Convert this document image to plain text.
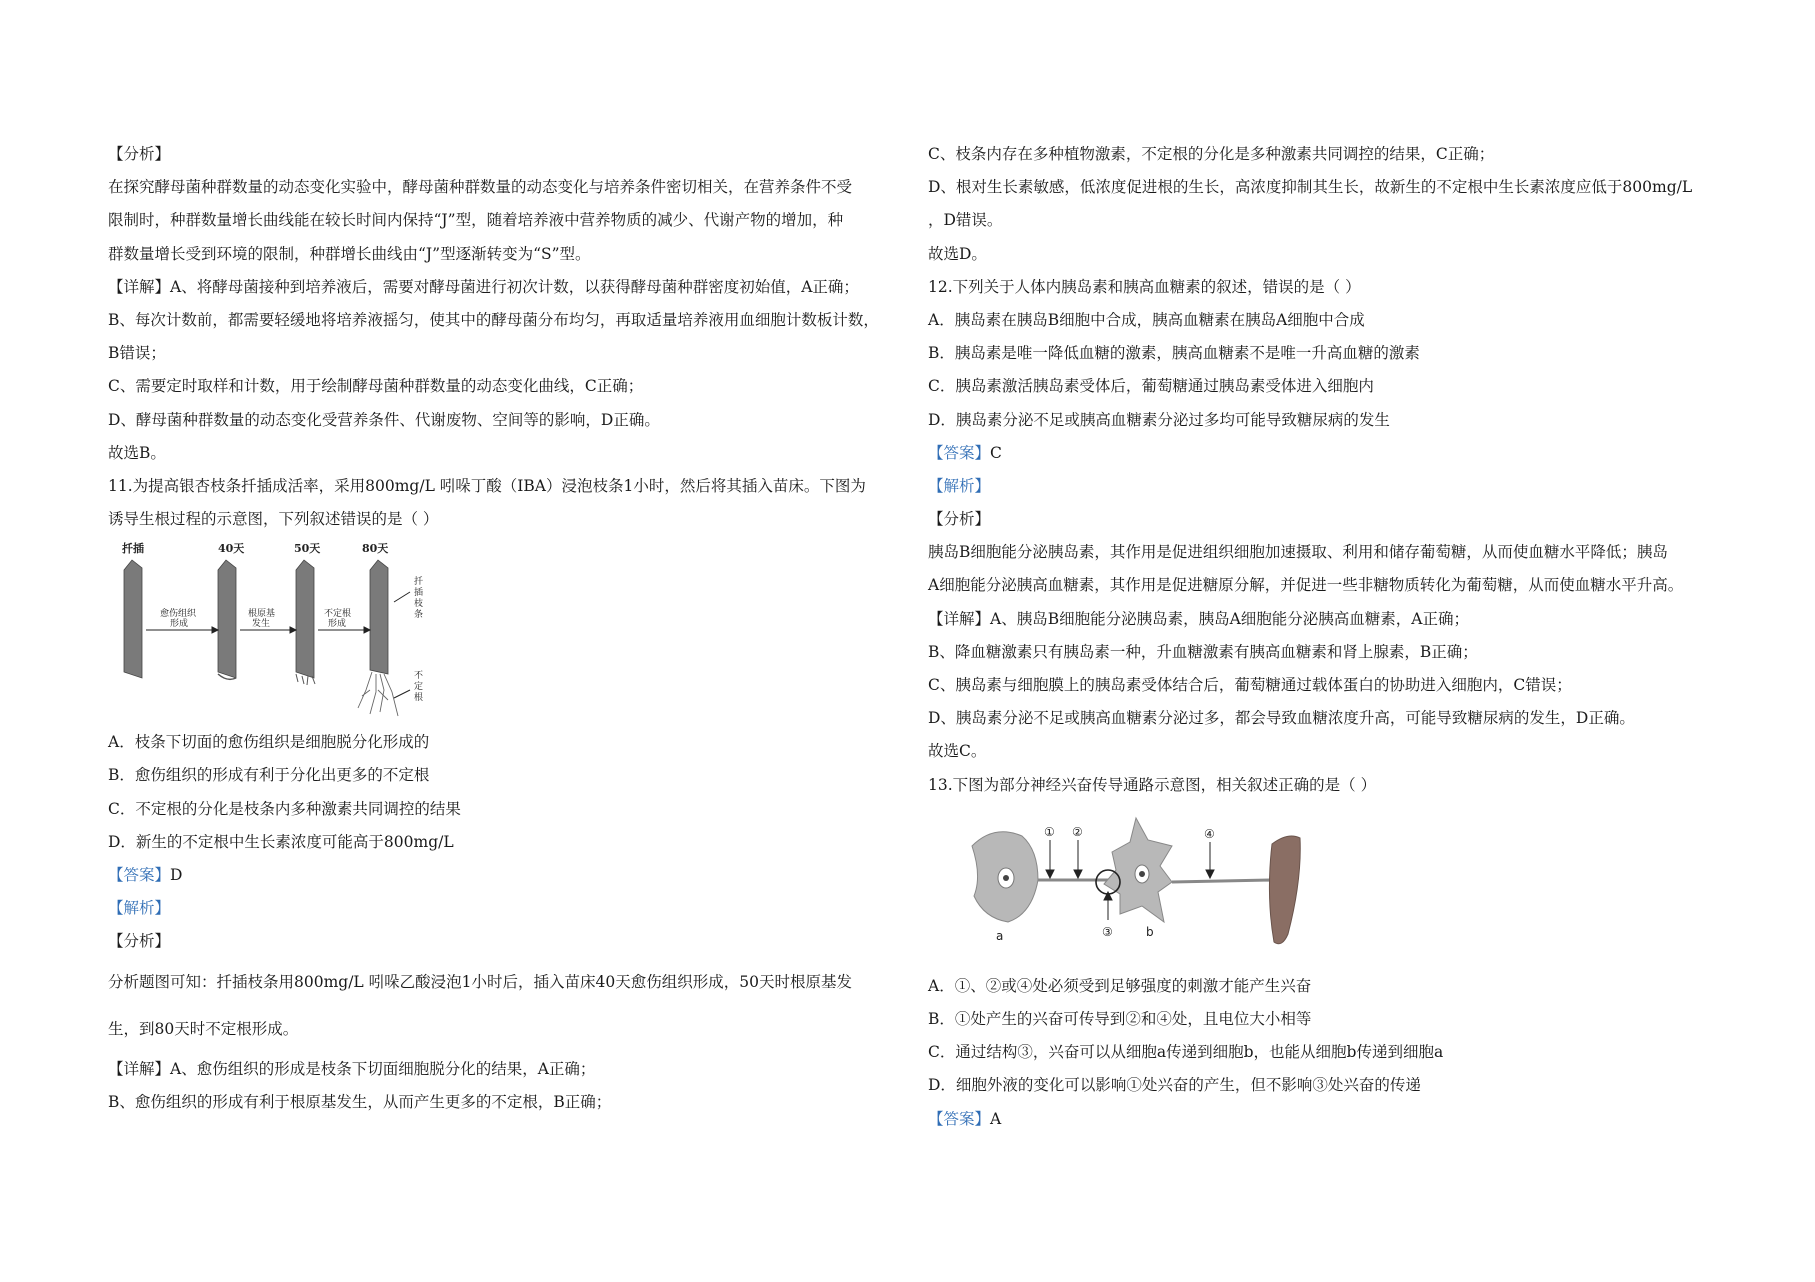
【分析】
在探究酵母菌种群数量的动态变化实验中，酵母菌种群数量的动态变化与培养条件密切相关，在营养条件不受
限制时，种群数量增长曲线能在较长时间内保持“J”型，随着培养液中营养物质的减少、代谢产物的增加，种
群数量增长受到环境的限制，种群增长曲线由“J”型逐渐转变为“S”型。
【详解】A、将酵母菌接种到培养液后，需要对酵母菌进行初次计数，以获得酵母菌种群密度初始值，A正确；
B、每次计数前，都需要轻缓地将培养液摇匀，使其中的酵母菌分布均匀，再取适量培养液用血细胞计数板计数，
B错误；
C、需要定时取样和计数，用于绘制酵母菌种群数量的动态变化曲线，C正确；
D、酵母菌种群数量的动态变化受营养条件、代谢废物、空间等的影响，D正确。
故选B。
11.为提高银杏枝条扦插成活率，采用800mg/L 吲哚丁酸（IBA）浸泡枝条1小时，然后将其插入苗床。下图为
诱导生根过程的示意图，下列叙述错误的是（ ）
扦插	40天	50天	80天
愈伤组织
形成
根原基
发生
不定根
形成
扦
插
枝
条
不
定
根
A．枝条下切面的愈伤组织是细胞脱分化形成的
B．愈伤组织的形成有利于分化出更多的不定根
C．不定根的分化是枝条内多种激素共同调控的结果
D．新生的不定根中生长素浓度可能高于800mg/L
【答案】D
【解析】
【分析】
分析题图可知：扦插枝条用800mg/L 吲哚乙酸浸泡1小时后，插入苗床40天愈伤组织形成，50天时根原基发
生，到80天时不定根形成。
【详解】A、愈伤组织的形成是枝条下切面细胞脱分化的结果，A正确；
B、愈伤组织的形成有利于根原基发生，从而产生更多的不定根，B正确；
C、枝条内存在多种植物激素，不定根的分化是多种激素共同调控的结果，C正确；
D、根对生长素敏感，低浓度促进根的生长，高浓度抑制其生长，故新生的不定根中生长素浓度应低于800mg/L
，D错误。
故选D。
12.下列关于人体内胰岛素和胰高血糖素的叙述，错误的是（ ）
A．胰岛素在胰岛B细胞中合成，胰高血糖素在胰岛A细胞中合成
B．胰岛素是唯一降低血糖的激素，胰高血糖素不是唯一升高血糖的激素
C．胰岛素激活胰岛素受体后，葡萄糖通过胰岛素受体进入细胞内
D．胰岛素分泌不足或胰高血糖素分泌过多均可能导致糖尿病的发生
【答案】C
【解析】
【分析】
胰岛B细胞能分泌胰岛素，其作用是促进组织细胞加速摄取、利用和储存葡萄糖，从而使血糖水平降低；胰岛
A细胞能分泌胰高血糖素，其作用是促进糖原分解，并促进一些非糖物质转化为葡萄糖，从而使血糖水平升高。
【详解】A、胰岛B细胞能分泌胰岛素，胰岛A细胞能分泌胰高血糖素，A正确；
B、降血糖激素只有胰岛素一种，升血糖激素有胰高血糖素和肾上腺素，B正确；
C、胰岛素与细胞膜上的胰岛素受体结合后，葡萄糖通过载体蛋白的协助进入细胞内，C错误；
D、胰岛素分泌不足或胰高血糖素分泌过多，都会导致血糖浓度升高，可能导致糖尿病的发生，D正确。
故选C。
13.下图为部分神经兴奋传导通路示意图，相关叙述正确的是（ ）
① ②
③
④
a	b
A．①、②或④处必须受到足够强度的刺激才能产生兴奋
B．①处产生的兴奋可传导到②和④处，且电位大小相等
C．通过结构③，兴奋可以从细胞a传递到细胞b，也能从细胞b传递到细胞a
D．细胞外液的变化可以影响①处兴奋的产生，但不影响③处兴奋的传递
【答案】A
